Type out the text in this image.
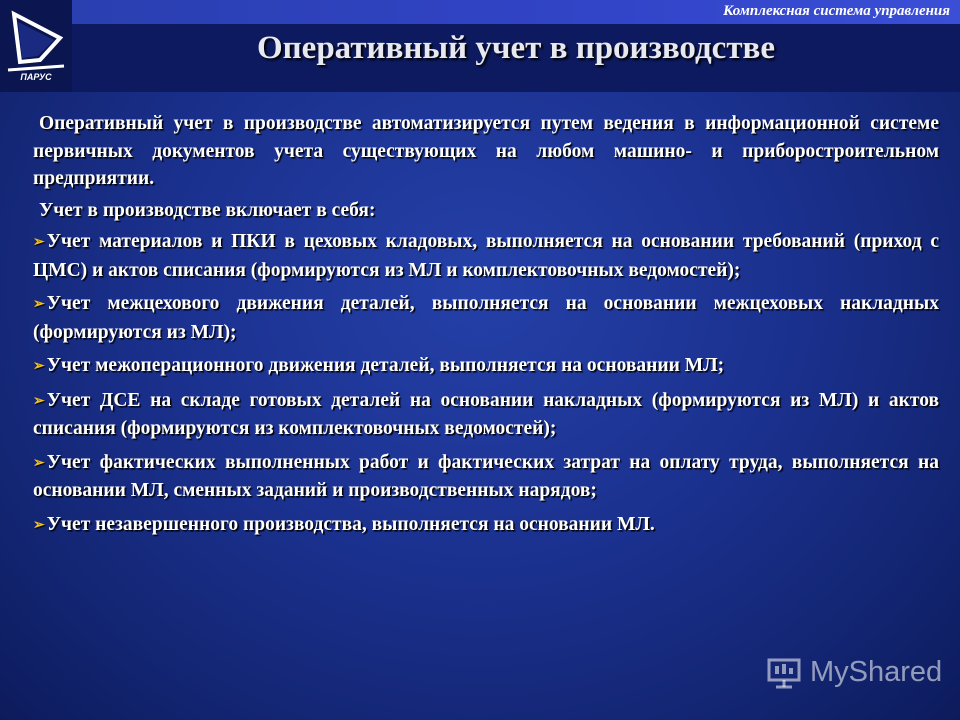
ПАРУС
Комплексная система управления
Оперативный учет в производстве

Оперативный учет в производстве автоматизируется путем ведения в информационной системе первичных документов учета существующих на любом машино- и приборостроительном предприятии.

Учет в производстве включает в себя:

➢ Учет материалов и ПКИ в цеховых кладовых, выполняется на основании требований (приход с ЦМС) и актов списания (формируются из МЛ и комплектовочных ведомостей);

➢ Учет межцехового движения деталей, выполняется на основании межцеховых накладных (формируются из МЛ);

➢ Учет межоперационного движения деталей, выполняется на основании МЛ;

➢ Учет ДСЕ на складе готовых деталей на основании накладных (формируются из МЛ) и актов списания (формируются из комплектовочных ведомостей);

➢ Учет фактических выполненных работ и фактических затрат на оплату труда, выполняется на основании МЛ, сменных заданий и производственных нарядов;

➢ Учет незавершенного производства, выполняется на основании МЛ.

MyShared
